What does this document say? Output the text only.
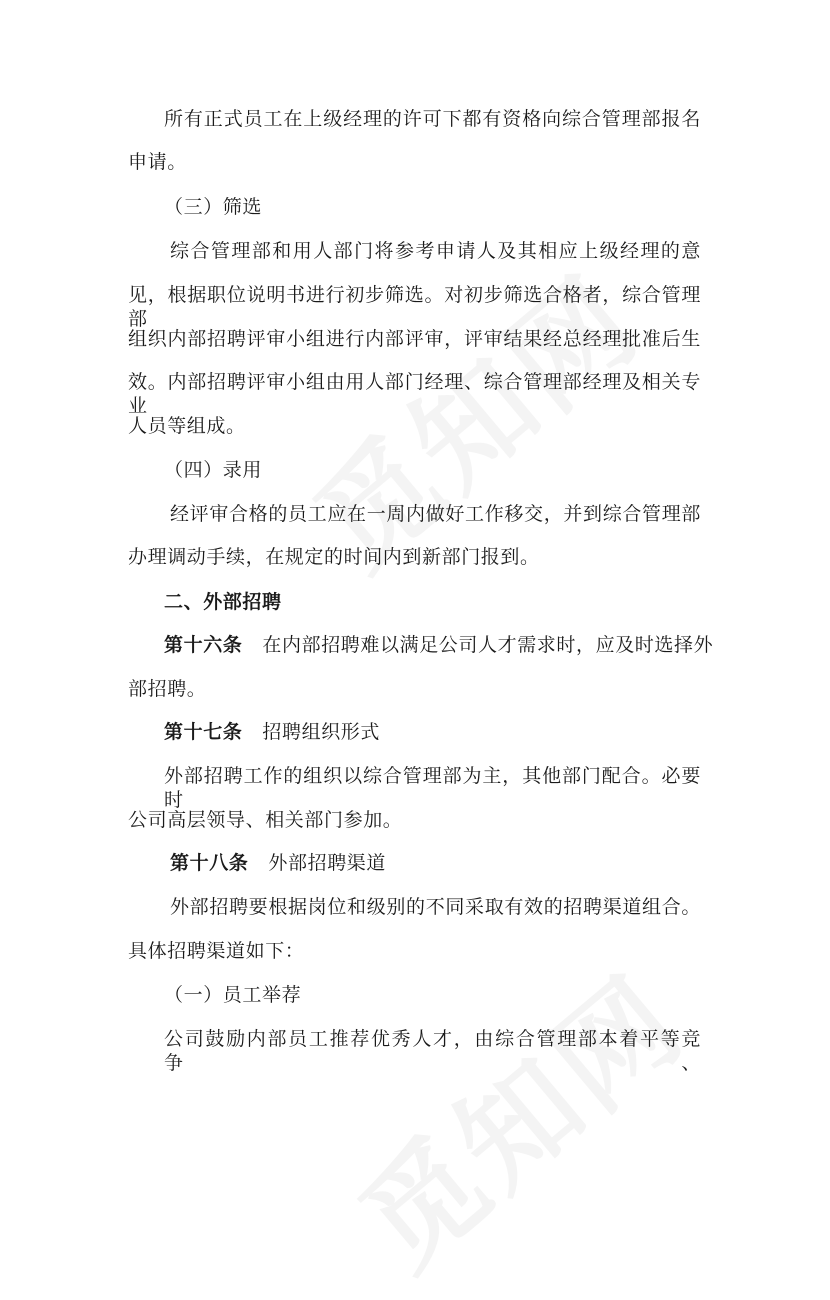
所有正式员工在上级经理的许可下都有资格向综合管理部报名
申请。
（三）筛选
综合管理部和用人部门将参考申请人及其相应上级经理的意
见，根据职位说明书进行初步筛选。对初步筛选合格者，综合管理部
组织内部招聘评审小组进行内部评审，评审结果经总经理批准后生
效。内部招聘评审小组由用人部门经理、综合管理部经理及相关专业
人员等组成。
（四）录用
经评审合格的员工应在一周内做好工作移交，并到综合管理部
办理调动手续，在规定的时间内到新部门报到。
二、外部招聘
第十六条 在内部招聘难以满足公司人才需求时，应及时选择外
部招聘。
第十七条 招聘组织形式
外部招聘工作的组织以综合管理部为主，其他部门配合。必要时
公司高层领导、相关部门参加。
第十八条 外部招聘渠道
外部招聘要根据岗位和级别的不同采取有效的招聘渠道组合。
具体招聘渠道如下：
（一）员工举荐
公司鼓励内部员工推荐优秀人才，由综合管理部本着平等竞争、
